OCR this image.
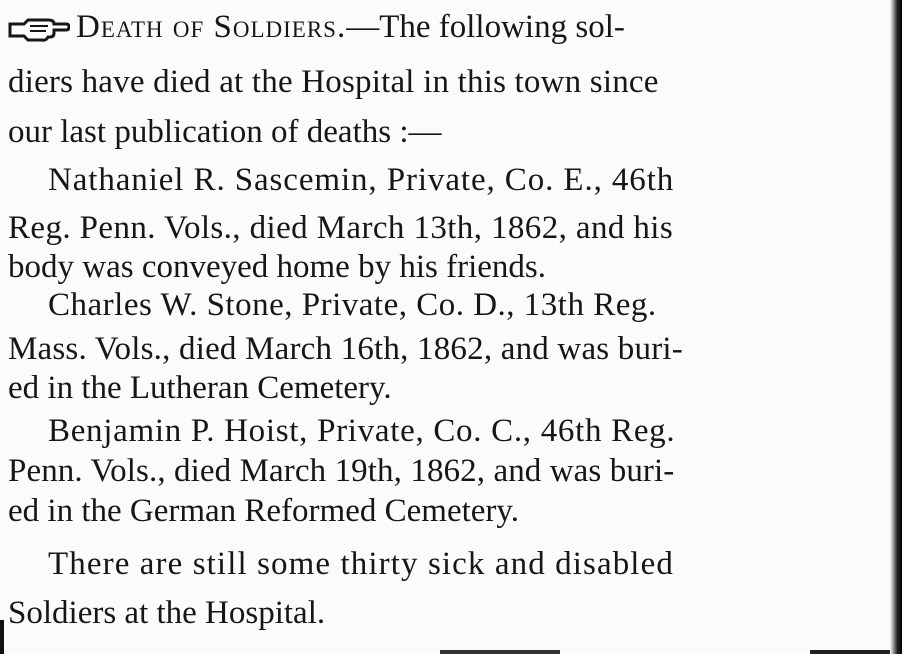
Death of Soldiers.—The following sol-
diers have died at the Hospital in this town since
our last publication of deaths :—
Nathaniel R. Sascemin, Private, Co. E., 46th
Reg. Penn. Vols., died March 13th, 1862, and his
body was conveyed home by his friends.
Charles W. Stone, Private, Co. D., 13th Reg.
Mass. Vols., died March 16th, 1862, and was buri-
ed in the Lutheran Cemetery.
Benjamin P. Hoist, Private, Co. C., 46th Reg.
Penn. Vols., died March 19th, 1862, and was buri-
ed in the German Reformed Cemetery.
There are still some thirty sick and disabled
Soldiers at the Hospital.
